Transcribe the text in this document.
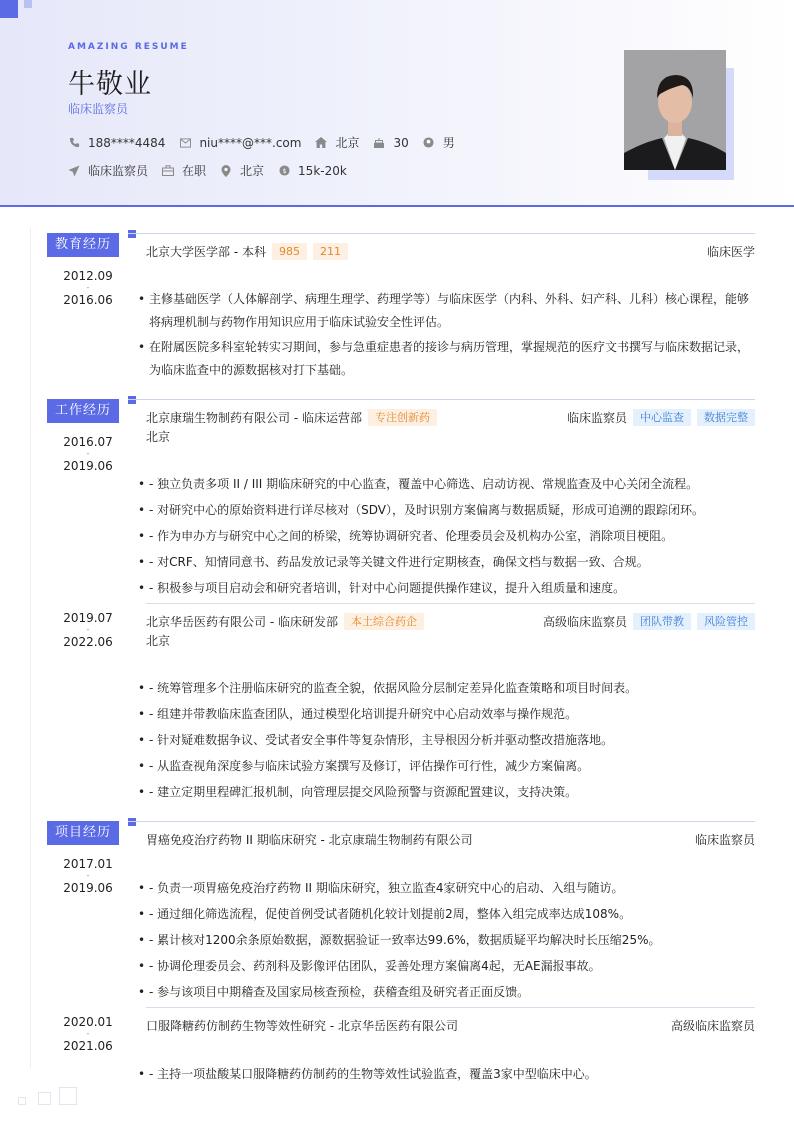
AMAZING RESUME
牛敬业
临床监察员
188****4484	niu****@***.com	北京	30	男
临床监察员	在职	北京	$ 15k-20k
教育经历	北京大学医学部 - 本科	985	211	临床医学
2012.09
-
2016.06	• 主修基础医学（人体解剖学、病理生理学、药理学等）与临床医学（内科、外科、妇产科、儿科）核心课程，能够
将病理机制与药物作用知识应用于临床试验安全性评估。
• 在附属医院多科室轮转实习期间，参与急重症患者的接诊与病历管理，掌握规范的医疗文书撰写与临床数据记录，
为临床监查中的源数据核对打下基础。
工作经历	北京康瑞生物制药有限公司 - 临床运营部	专注创新药	临床监察员	中心监查	数据完整
北京
2016.07
-
2019.06
• - 独立负责多项 II / III 期临床研究的中心监查，覆盖中心筛选、启动访视、常规监查及中心关闭全流程。
• - 对研究中心的原始资料进行详尽核对（SDV），及时识别方案偏离与数据质疑，形成可追溯的跟踪闭环。
• - 作为申办方与研究中心之间的桥梁，统筹协调研究者、伦理委员会及机构办公室，消除项目梗阻。
• - 对CRF、知情同意书、药品发放记录等关键文件进行定期核查，确保文档与数据一致、合规。
• - 积极参与项目启动会和研究者培训，针对中心问题提供操作建议，提升入组质量和速度。
北京华岳医药有限公司 - 临床研发部	本土综合药企	高级临床监察员	团队带教	风险管控
北京
2019.07
-
2022.06
• - 统筹管理多个注册临床研究的监查全貌，依据风险分层制定差异化监查策略和项目时间表。
• - 组建并带教临床监查团队，通过模型化培训提升研究中心启动效率与操作规范。
• - 针对疑难数据争议、受试者安全事件等复杂情形，主导根因分析并驱动整改措施落地。
• - 从监查视角深度参与临床试验方案撰写及修订，评估操作可行性，减少方案偏离。
• - 建立定期里程碑汇报机制，向管理层提交风险预警与资源配置建议，支持决策。
项目经历	胃癌免疫治疗药物 II 期临床研究 - 北京康瑞生物制药有限公司	临床监察员
2017.01
-
2019.06	• - 负责一项胃癌免疫治疗药物 II 期临床研究，独立监查4家研究中心的启动、入组与随访。
• - 通过细化筛选流程，促使首例受试者随机化较计划提前2周，整体入组完成率达成108%。
• - 累计核对1200余条原始数据，源数据验证一致率达99.6%，数据质疑平均解决时长压缩25%。
• - 协调伦理委员会、药剂科及影像评估团队，妥善处理方案偏离4起，无AE漏报事故。
• - 参与该项目中期稽查及国家局核查预检，获稽查组及研究者正面反馈。
口服降糖药仿制药生物等效性研究 - 北京华岳医药有限公司	高级临床监察员
2020.01
-
2021.06
• - 主持一项盐酸某口服降糖药仿制药的生物等效性试验监查，覆盖3家中型临床中心。
